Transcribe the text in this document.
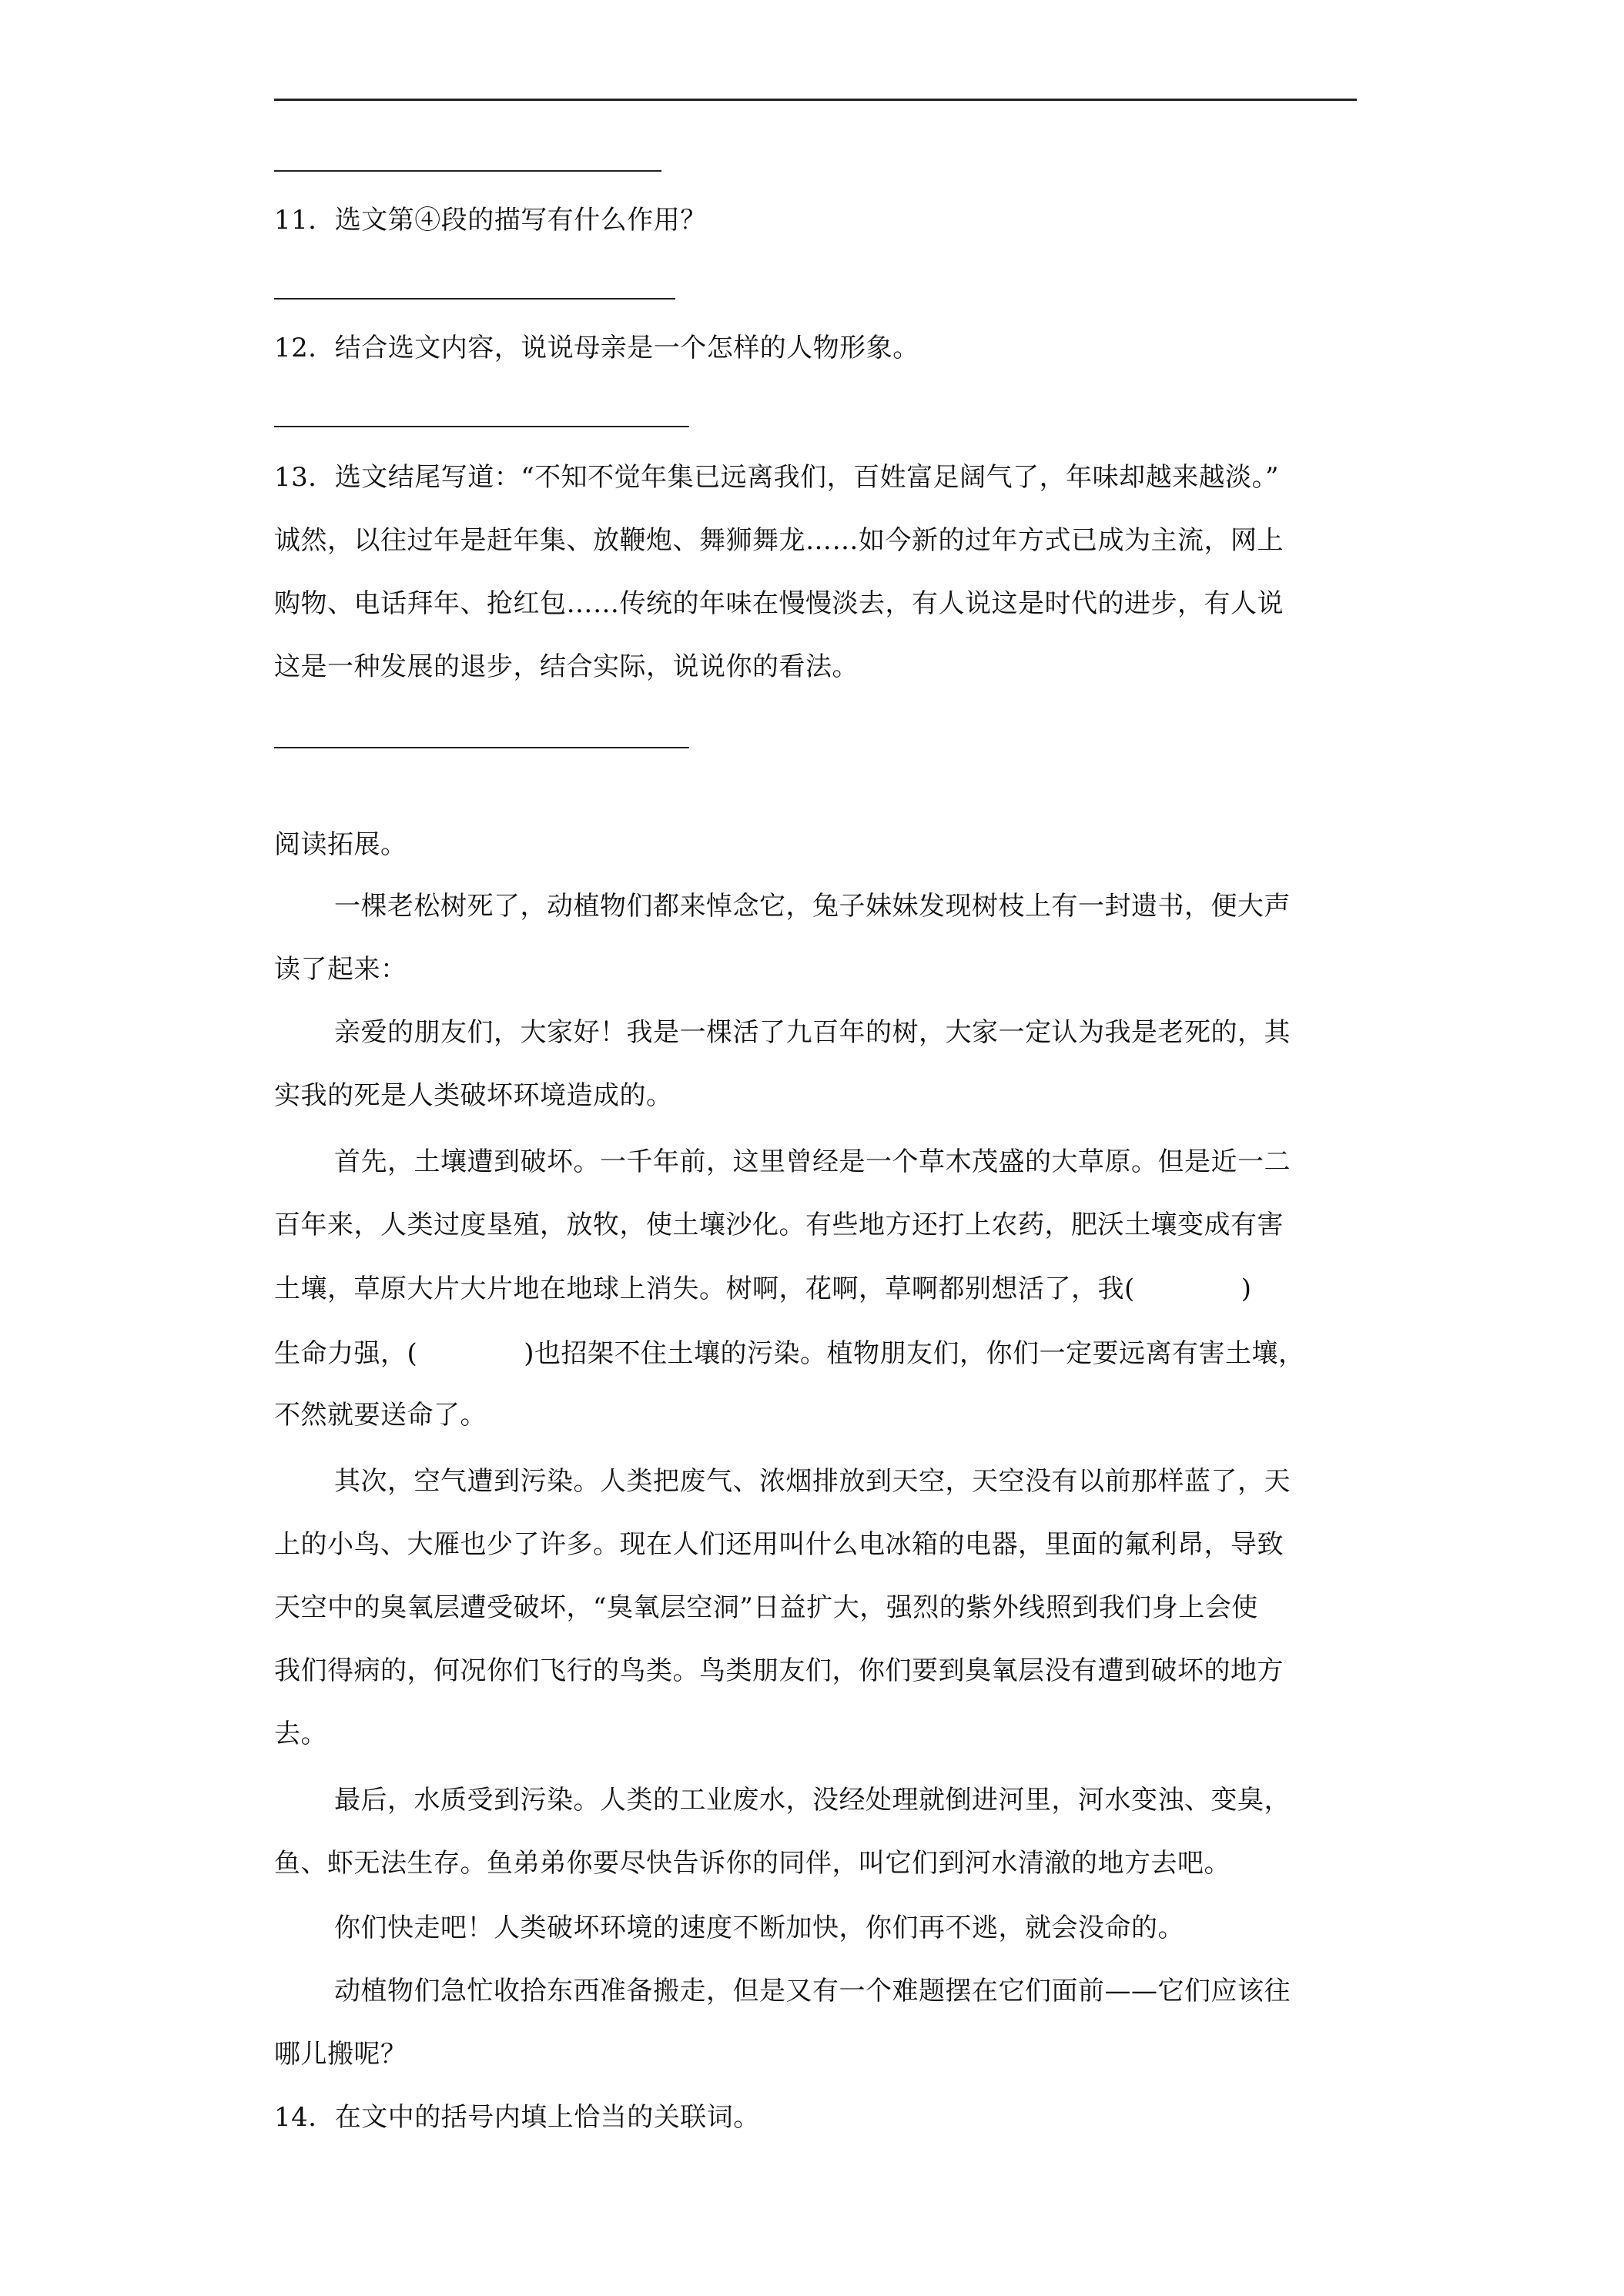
11．选文第④段的描写有什么作用？
12．结合选文内容，说说母亲是一个怎样的人物形象。
13．选文结尾写道：“不知不觉年集已远离我们，百姓富足阔气了，年味却越来越淡。”
诚然，以往过年是赶年集、放鞭炮、舞狮舞龙……如今新的过年方式已成为主流，网上
购物、电话拜年、抢红包……传统的年味在慢慢淡去，有人说这是时代的进步，有人说
这是一种发展的退步，结合实际，说说你的看法。
阅读拓展。
一棵老松树死了，动植物们都来悼念它，兔子妹妹发现树枝上有一封遗书，便大声
读了起来：
亲爱的朋友们，大家好！我是一棵活了九百年的树，大家一定认为我是老死的，其
实我的死是人类破坏环境造成的。
首先，土壤遭到破坏。一千年前，这里曾经是一个草木茂盛的大草原。但是近一二
百年来，人类过度垦殖，放牧，使土壤沙化。有些地方还打上农药，肥沃土壤变成有害
土壤，草原大片大片地在地球上消失。树啊，花啊，草啊都别想活了，我(　　　　)
生命力强，(　　　　)也招架不住土壤的污染。植物朋友们，你们一定要远离有害土壤，
不然就要送命了。
其次，空气遭到污染。人类把废气、浓烟排放到天空，天空没有以前那样蓝了，天
上的小鸟、大雁也少了许多。现在人们还用叫什么电冰箱的电器，里面的氟利昂，导致
天空中的臭氧层遭受破坏，“臭氧层空洞”日益扩大，强烈的紫外线照到我们身上会使
我们得病的，何况你们飞行的鸟类。鸟类朋友们，你们要到臭氧层没有遭到破坏的地方
去。
最后，水质受到污染。人类的工业废水，没经处理就倒进河里，河水变浊、变臭，
鱼、虾无法生存。鱼弟弟你要尽快告诉你的同伴，叫它们到河水清澈的地方去吧。
你们快走吧！人类破坏环境的速度不断加快，你们再不逃，就会没命的。
动植物们急忙收拾东西准备搬走，但是又有一个难题摆在它们面前——它们应该往
哪儿搬呢？
14．在文中的括号内填上恰当的关联词。
